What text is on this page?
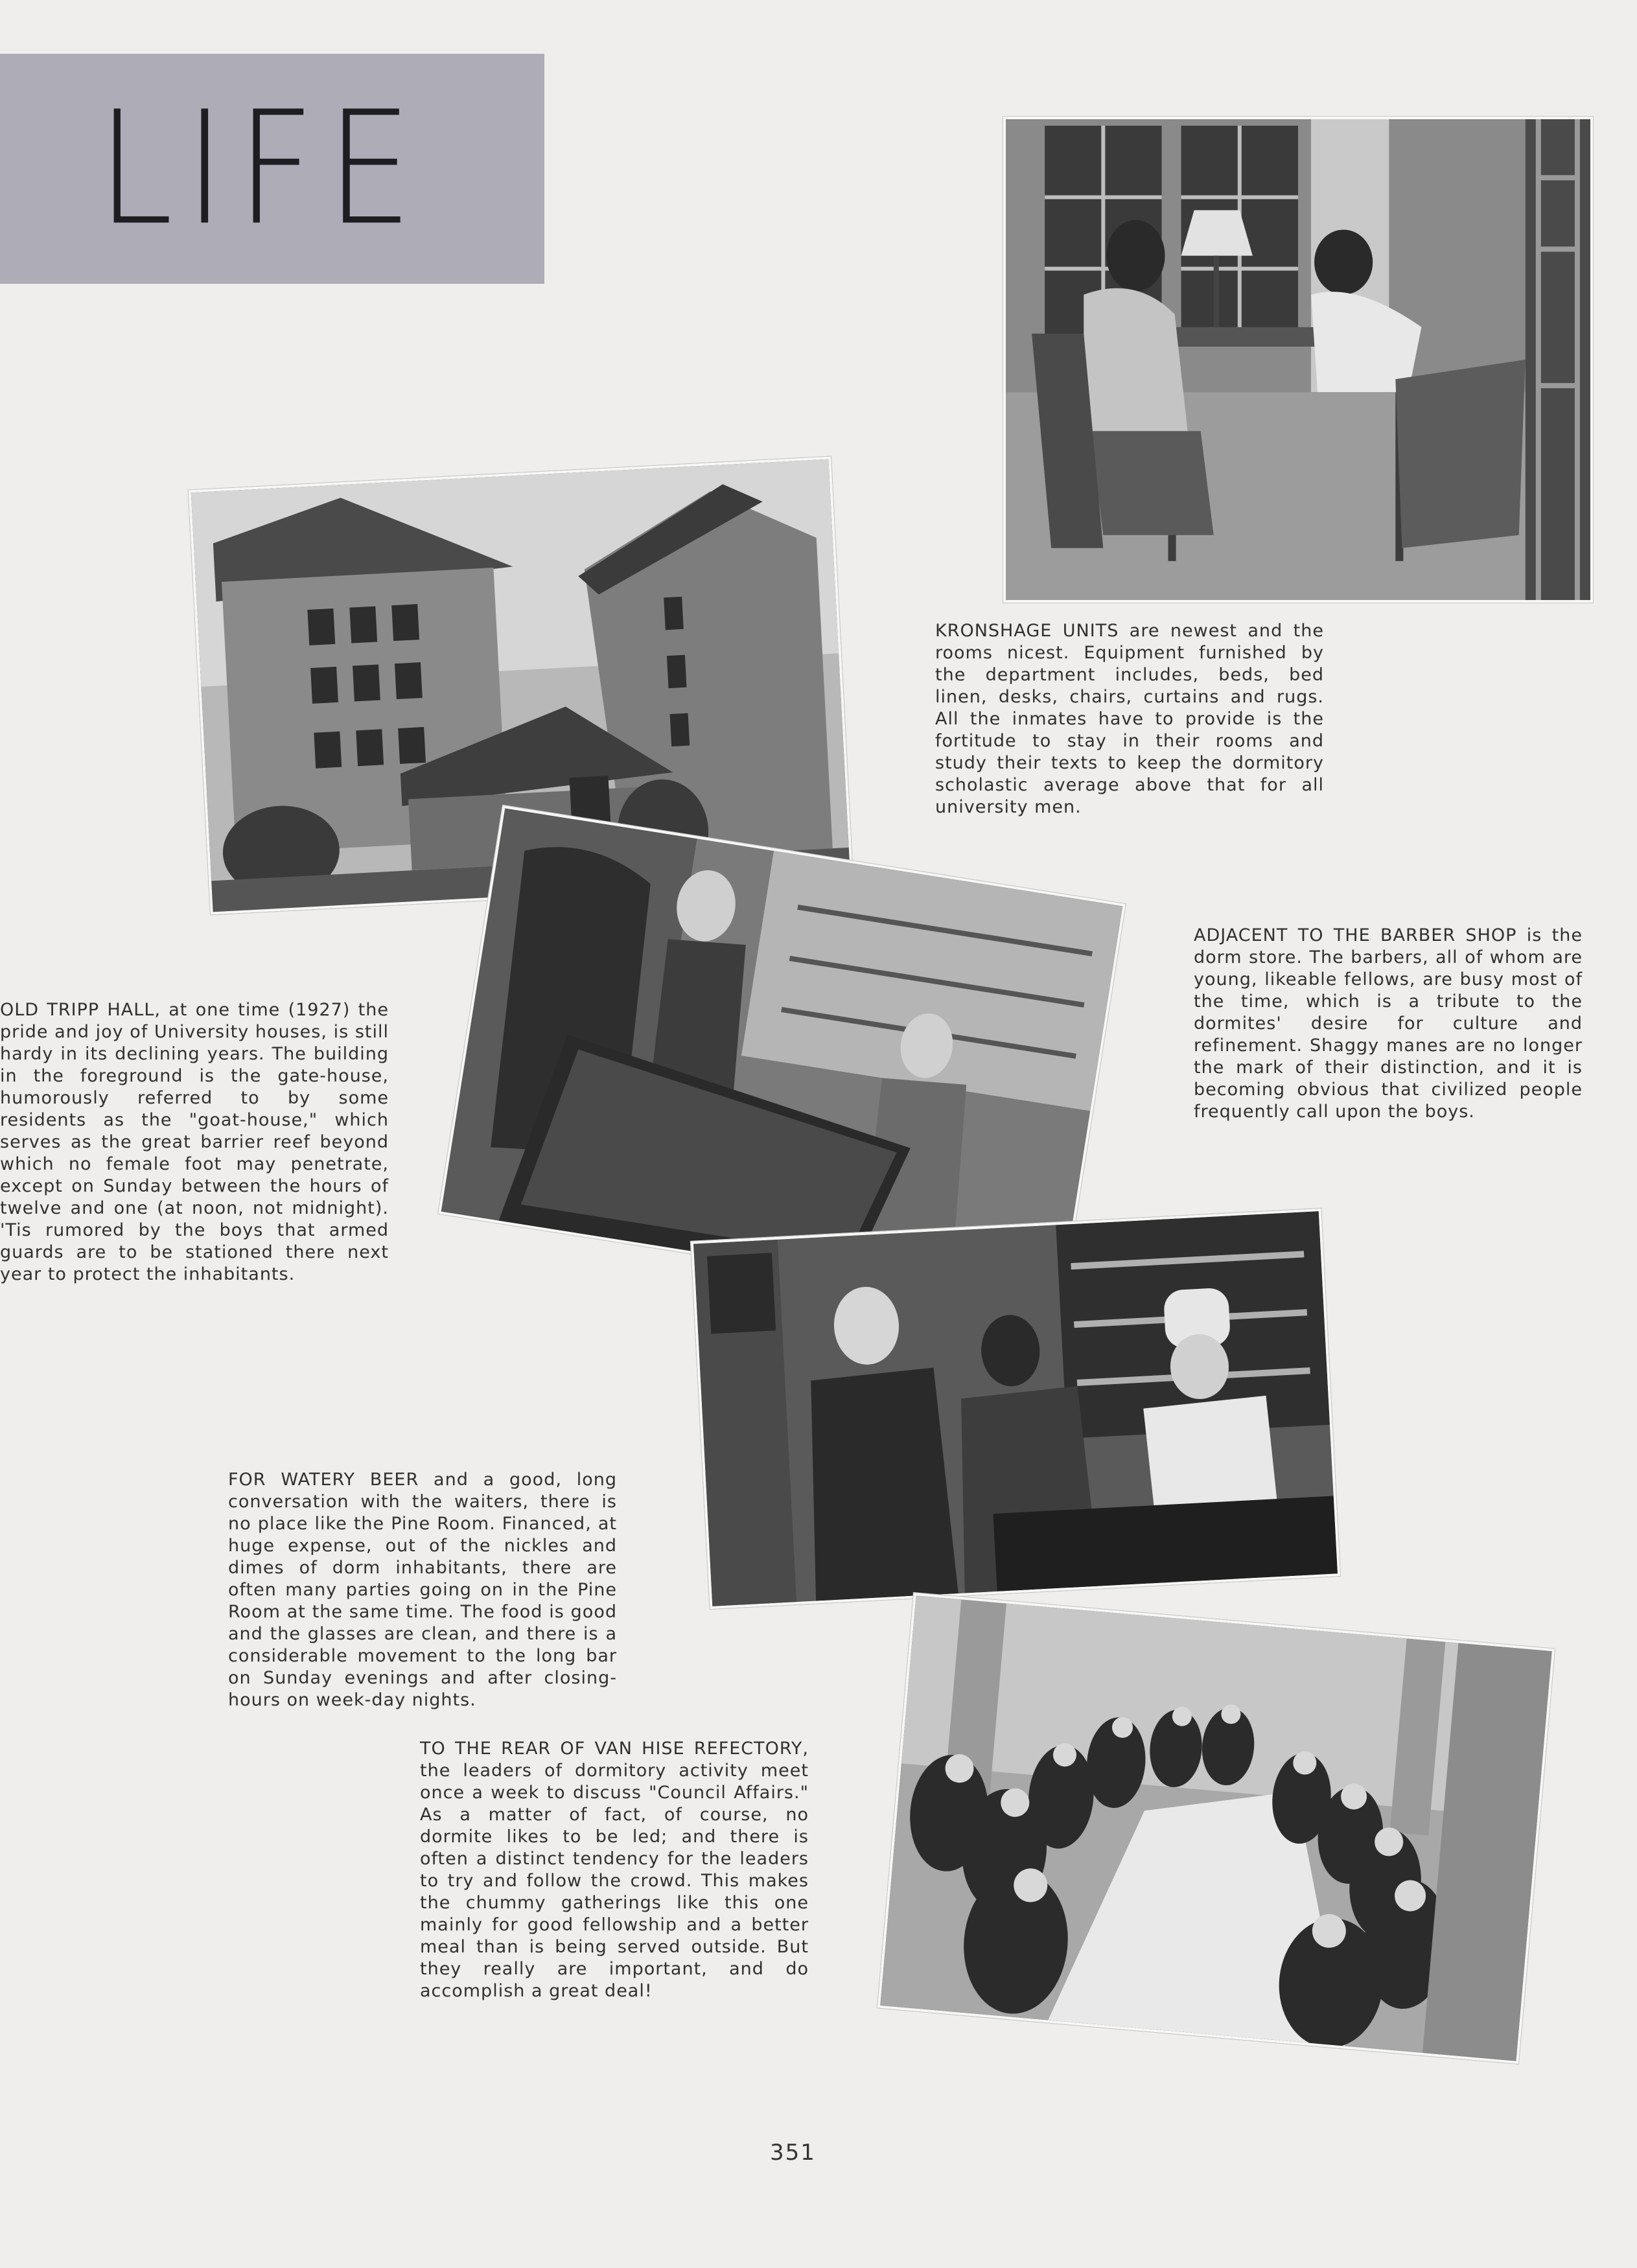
LIFE
KRONSHAGE UNITS are newest and the rooms nicest. Equipment furnished by the department includes, beds, bed linen, desks, chairs, curtains and rugs. All the inmates have to provide is the fortitude to stay in their rooms and study their texts to keep the dormitory scholastic average above that for all university men.
ADJACENT TO THE BARBER SHOP is the dorm store. The barbers, all of whom are young, likeable fellows, are busy most of the time, which is a tribute to the dormites' desire for culture and refinement. Shaggy manes are no longer the mark of their distinction, and it is becoming obvious that civilized people frequently call upon the boys.
OLD TRIPP HALL, at one time (1927) the pride and joy of University houses, is still hardy in its declining years. The building in the foreground is the gate-house, humorously referred to by some residents as the "goat-house," which serves as the great barrier reef beyond which no female foot may penetrate, except on Sunday between the hours of twelve and one (at noon, not midnight). 'Tis rumored by the boys that armed guards are to be stationed there next year to protect the inhabitants.
FOR WATERY BEER and a good, long conversation with the waiters, there is no place like the Pine Room. Financed, at huge expense, out of the nickles and dimes of dorm inhabitants, there are often many parties going on in the Pine Room at the same time. The food is good and the glasses are clean, and there is a considerable movement to the long bar on Sunday evenings and after closing-hours on week-day nights.
TO THE REAR OF VAN HISE REFECTORY, the leaders of dormitory activity meet once a week to discuss "Council Affairs." As a matter of fact, of course, no dormite likes to be led; and there is often a distinct tendency for the leaders to try and follow the crowd. This makes the chummy gatherings like this one mainly for good fellowship and a better meal than is being served outside. But they really are important, and do accomplish a great deal!
351
